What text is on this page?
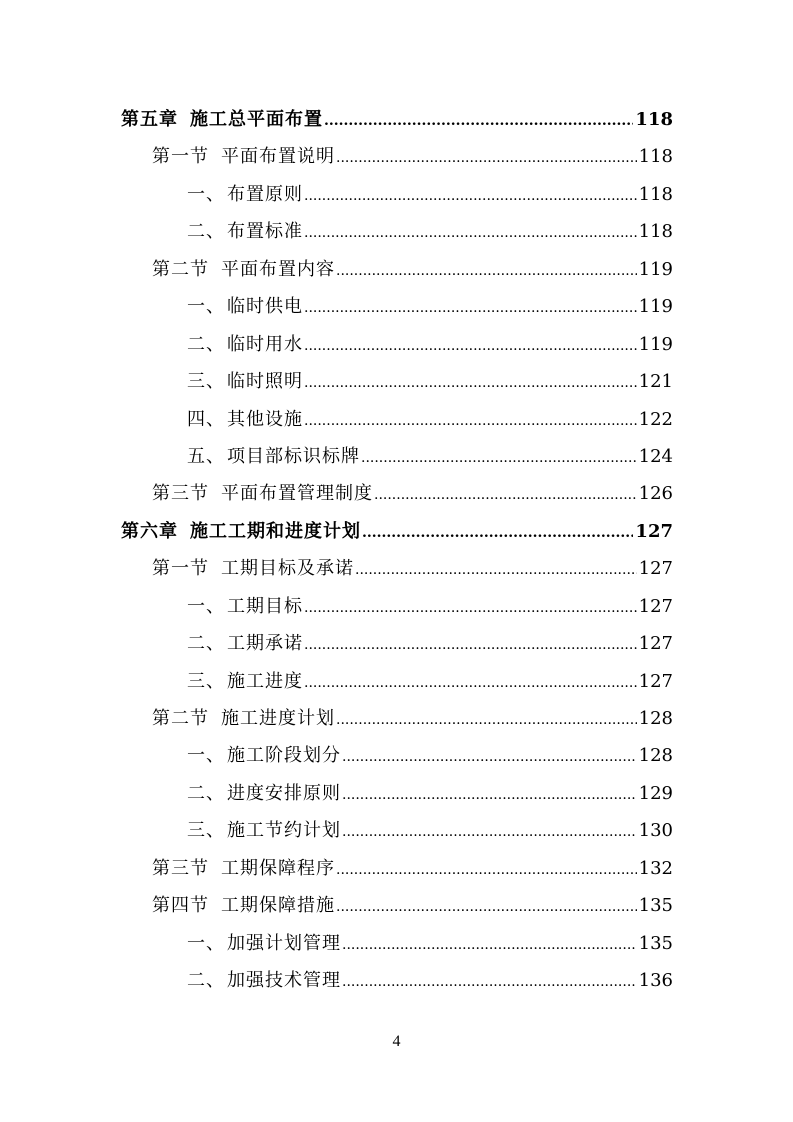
第五章 施工总平面布置 .....	118
第一节 平面布置说明 .....	118
一、 布置原则 .....	118
二、 布置标准 .....	118
第二节 平面布置内容 .....	119
一、 临时供电 .....	119
二、 临时用水 .....	119
三、 临时照明 .....	121
四、 其他设施 .....	122
五、 项目部标识标牌 .....	124
第三节 平面布置管理制度 .....	126
第六章 施工工期和进度计划 .....	127
第一节 工期目标及承诺 .....	127
一、 工期目标 .....	127
二、 工期承诺 .....	127
三、 施工进度 .....	127
第二节 施工进度计划 .....	128
一、 施工阶段划分 .....	128
二、 进度安排原则 .....	129
三、 施工节约计划 .....	130
第三节 工期保障程序 .....	132
第四节 工期保障措施 .....	135
一、 加强计划管理 .....	135
二、 加强技术管理 .....	136
4
